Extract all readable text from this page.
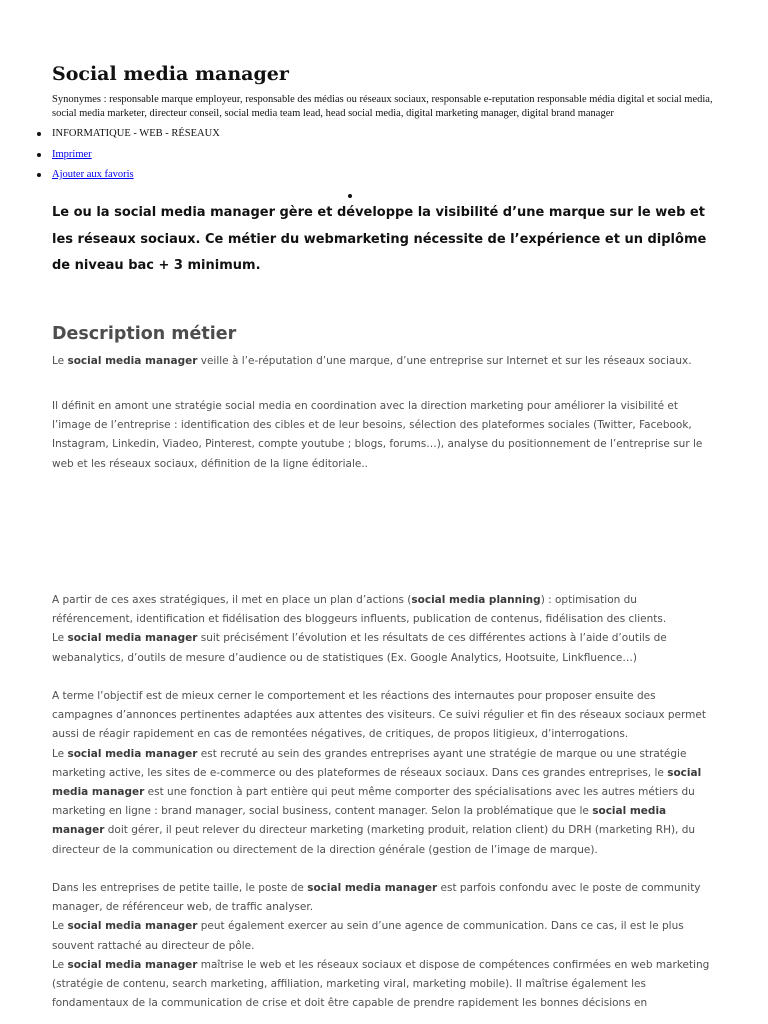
Social media manager

Synonymes : responsable marque employeur, responsable des médias ou réseaux sociaux, responsable e-reputation responsable média digital et social media, social media marketer, directeur conseil, social media team lead, head social media, digital marketing manager, digital brand manager

INFORMATIQUE - WEB - RÉSEAUX
Imprimer
Ajouter aux favoris

Le ou la social media manager gère et développe la visibilité d’une marque sur le web et les réseaux sociaux. Ce métier du webmarketing nécessite de l’expérience et un diplôme de niveau bac + 3 minimum.

Description métier

Le social media manager veille à l’e-réputation d’une marque, d’une entreprise sur Internet et sur les réseaux sociaux.

Il définit en amont une stratégie social media en coordination avec la direction marketing pour améliorer la visibilité et l’image de l’entreprise : identification des cibles et de leur besoins, sélection des plateformes sociales (Twitter, Facebook, Instagram, Linkedin, Viadeo, Pinterest, compte youtube ; blogs, forums…), analyse du positionnement de l’entreprise sur le web et les réseaux sociaux, définition de la ligne éditoriale..

A partir de ces axes stratégiques, il met en place un plan d’actions (social media planning) : optimisation du référencement, identification et fidélisation des bloggeurs influents, publication de contenus, fidélisation des clients.
Le social media manager suit précisément l’évolution et les résultats de ces différentes actions à l’aide d’outils de webanalytics, d’outils de mesure d’audience ou de statistiques (Ex. Google Analytics, Hootsuite, Linkfluence…)

A terme l’objectif est de mieux cerner le comportement et les réactions des internautes pour proposer ensuite des campagnes d’annonces pertinentes adaptées aux attentes des visiteurs. Ce suivi régulier et fin des réseaux sociaux permet aussi de réagir rapidement en cas de remontées négatives, de critiques, de propos litigieux, d’interrogations.
Le social media manager est recruté au sein des grandes entreprises ayant une stratégie de marque ou une stratégie marketing active, les sites de e-commerce ou des plateformes de réseaux sociaux. Dans ces grandes entreprises, le social media manager est une fonction à part entière qui peut même comporter des spécialisations avec les autres métiers du marketing en ligne : brand manager, social business, content manager. Selon la problématique que le social media manager doit gérer, il peut relever du directeur marketing (marketing produit, relation client) du DRH (marketing RH), du directeur de la communication ou directement de la direction générale (gestion de l’image de marque).

Dans les entreprises de petite taille, le poste de social media manager est parfois confondu avec le poste de community manager, de référenceur web, de traffic analyser.
Le social media manager peut également exercer au sein d’une agence de communication. Dans ce cas, il est le plus souvent rattaché au directeur de pôle.
Le social media manager maîtrise le web et les réseaux sociaux et dispose de compétences confirmées en web marketing (stratégie de contenu, search marketing, affiliation, marketing viral, marketing mobile). Il maîtrise également les fondamentaux de la communication de crise et doit être capable de prendre rapidement les bonnes décisions en
